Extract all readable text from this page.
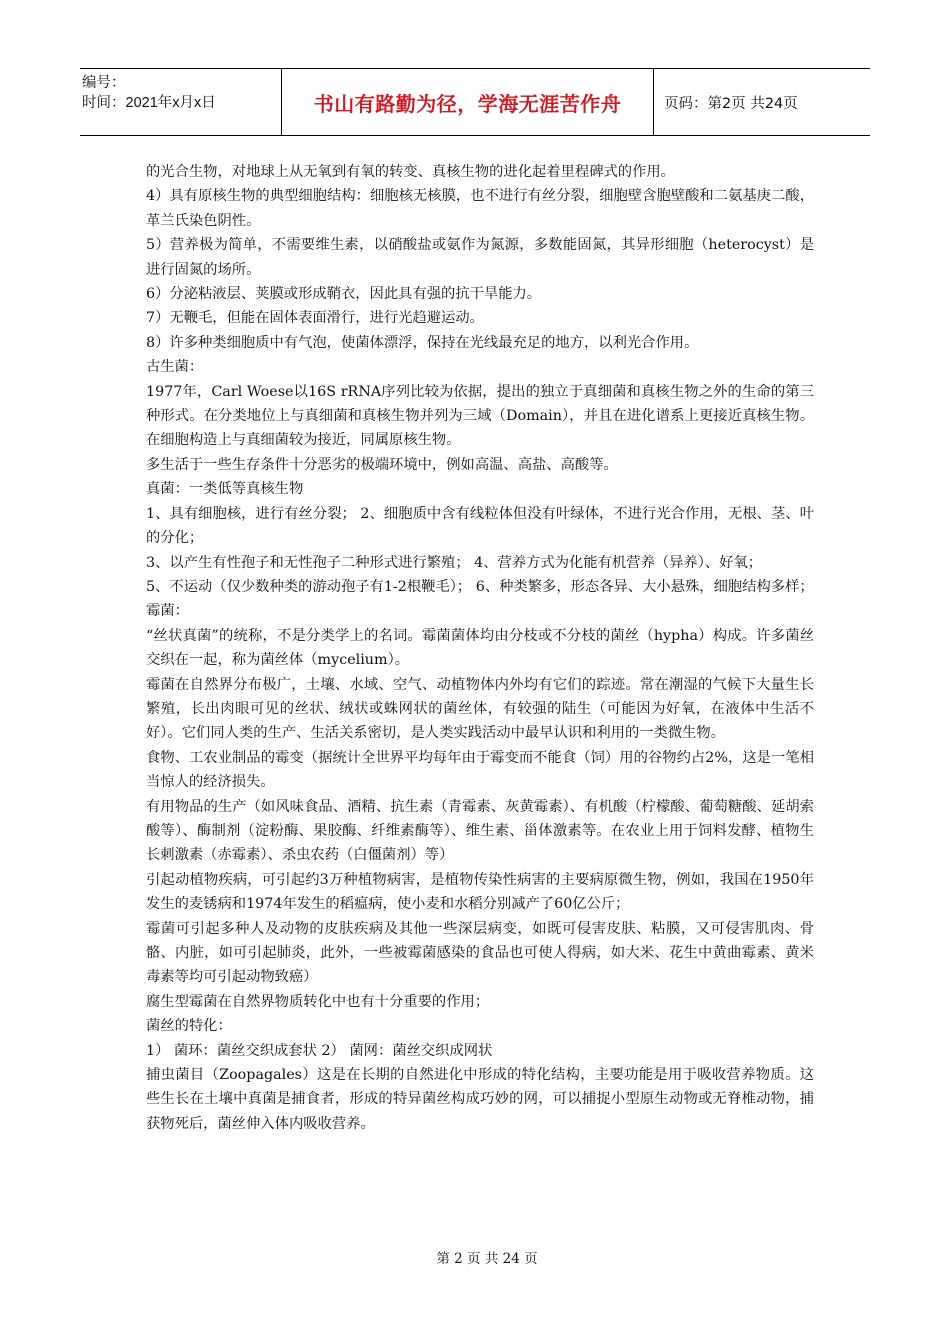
编号：
时间：2021年x月x日	书山有路勤为径，学海无涯苦作舟	页码：第2页 共24页

的光合生物，对地球上从无氧到有氧的转变、真核生物的进化起着里程碑式的作用。

4）具有原核生物的典型细胞结构：细胞核无核膜，也不进行有丝分裂，细胞壁含胞壁酸和二氨基庚二酸，革兰氏染色阴性。

5）营养极为简单，不需要维生素，以硝酸盐或氨作为氮源，多数能固氮，其异形细胞（heterocyst）是进行固氮的场所。

6）分泌粘液层、荚膜或形成鞘衣，因此具有强的抗干旱能力。

7）无鞭毛，但能在固体表面滑行，进行光趋避运动。

8）许多种类细胞质中有气泡，使菌体漂浮，保持在光线最充足的地方，以利光合作用。

古生菌：

1977年，Carl Woese以16S rRNA序列比较为依据，提出的独立于真细菌和真核生物之外的生命的第三种形式。在分类地位上与真细菌和真核生物并列为三域（Domain），并且在进化谱系上更接近真核生物。在细胞构造上与真细菌较为接近，同属原核生物。

多生活于一些生存条件十分恶劣的极端环境中，例如高温、高盐、高酸等。

真菌：一类低等真核生物

1、具有细胞核，进行有丝分裂； 2、细胞质中含有线粒体但没有叶绿体，不进行光合作用，无根、茎、叶的分化；

3、以产生有性孢子和无性孢子二种形式进行繁殖； 4、营养方式为化能有机营养（异养）、好氧；

5、不运动（仅少数种类的游动孢子有1-2根鞭毛）； 6、种类繁多，形态各异、大小悬殊，细胞结构多样；

霉菌：

“丝状真菌”的统称，不是分类学上的名词。霉菌菌体均由分枝或不分枝的菌丝（hypha）构成。许多菌丝交织在一起，称为菌丝体（mycelium）。

霉菌在自然界分布极广，土壤、水域、空气、动植物体内外均有它们的踪迹。常在潮湿的气候下大量生长繁殖，长出肉眼可见的丝状、绒状或蛛网状的菌丝体，有较强的陆生（可能因为好氧，在液体中生活不好）。它们同人类的生产、生活关系密切，是人类实践活动中最早认识和利用的一类微生物。

食物、工农业制品的霉变（据统计全世界平均每年由于霉变而不能食（饲）用的谷物约占2%，这是一笔相当惊人的经济损失。

有用物品的生产（如风味食品、酒精、抗生素（青霉素、灰黄霉素）、有机酸（柠檬酸、葡萄糖酸、延胡索酸等）、酶制剂（淀粉酶、果胶酶、纤维素酶等）、维生素、甾体激素等。在农业上用于饲料发酵、植物生长刺激素（赤霉素）、杀虫农药（白僵菌剂）等）

引起动植物疾病，可引起约3万种植物病害，是植物传染性病害的主要病原微生物，例如，我国在1950年发生的麦锈病和1974年发生的稻瘟病，使小麦和水稻分别减产了60亿公斤；

霉菌可引起多种人及动物的皮肤疾病及其他一些深层病变，如既可侵害皮肤、粘膜，又可侵害肌肉、骨骼、内脏，如可引起肺炎，此外，一些被霉菌感染的食品也可使人得病，如大米、花生中黄曲霉素、黄米毒素等均可引起动物致癌）

腐生型霉菌在自然界物质转化中也有十分重要的作用；

菌丝的特化：

1） 菌环：菌丝交织成套状 2） 菌网：菌丝交织成网状

捕虫菌目（Zoopagales）这是在长期的自然进化中形成的特化结构，主要功能是用于吸收营养物质。这些生长在土壤中真菌是捕食者，形成的特异菌丝构成巧妙的网，可以捕捉小型原生动物或无脊椎动物，捕获物死后，菌丝伸入体内吸收营养。

第 2 页 共 24 页
